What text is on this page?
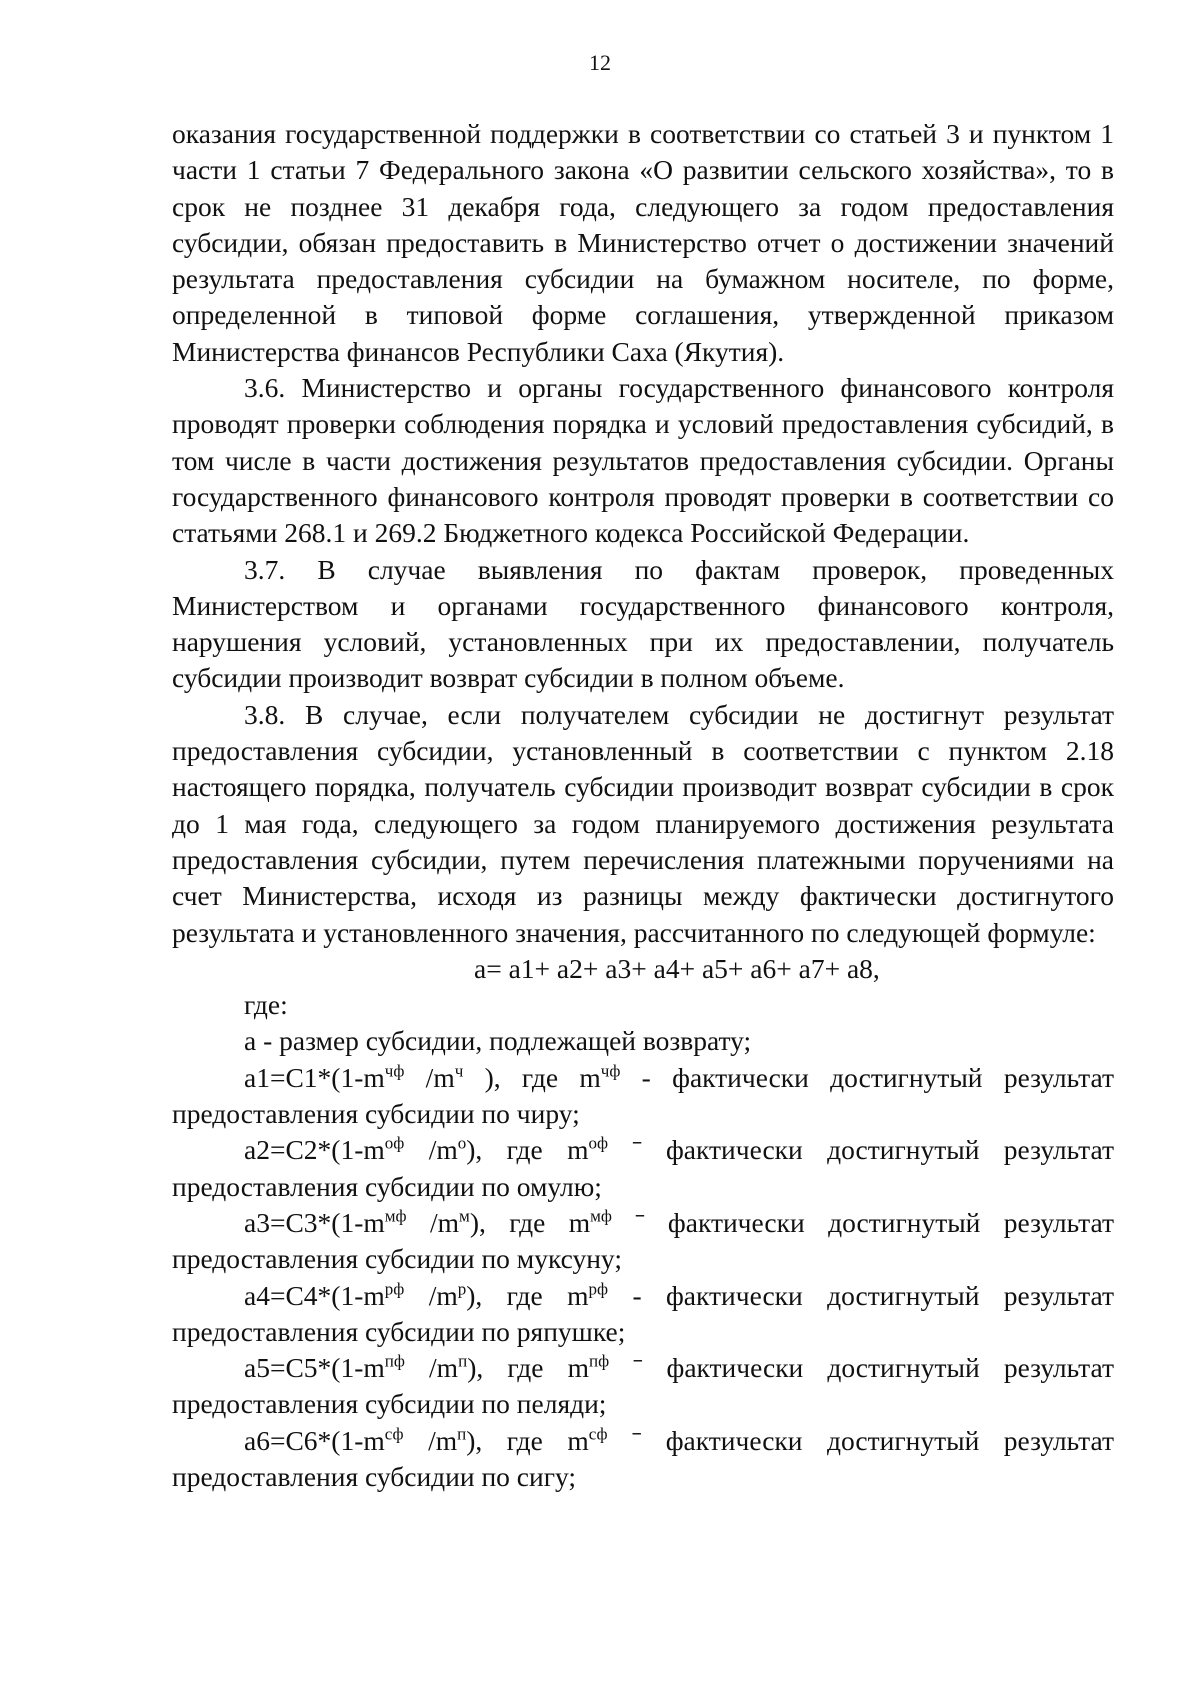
12

оказания государственной поддержки в соответствии со статьей 3 и пунктом 1 части 1 статьи 7 Федерального закона «О развитии сельского хозяйства», то в срок не позднее 31 декабря года, следующего за годом предоставления субсидии, обязан предоставить в Министерство отчет о достижении значений результата предоставления субсидии на бумажном носителе, по форме, определенной в типовой форме соглашения, утвержденной приказом Министерства финансов Республики Саха (Якутия).

3.6. Министерство и органы государственного финансового контроля проводят проверки соблюдения порядка и условий предоставления субсидий, в том числе в части достижения результатов предоставления субсидии. Органы государственного финансового контроля проводят проверки в соответствии со статьями 268.1 и 269.2 Бюджетного кодекса Российской Федерации.

3.7. В случае выявления по фактам проверок, проведенных Министерством и органами государственного финансового контроля, нарушения условий, установленных при их предоставлении, получатель субсидии производит возврат субсидии в полном объеме.

3.8. В случае, если получателем субсидии не достигнут результат предоставления субсидии, установленный в соответствии с пунктом 2.18 настоящего порядка, получатель субсидии производит возврат субсидии в срок до 1 мая года, следующего за годом планируемого достижения результата предоставления субсидии, путем перечисления платежными поручениями на счет Министерства, исходя из разницы между фактически достигнутого результата и установленного значения, рассчитанного по следующей формуле:

a= a1+ a2+ a3+ a4+ a5+ a6+ a7+ a8,

где:

а - размер субсидии, подлежащей возврату;

$a1=C1*(1-m^{чф}$ $/m^ч$ ), где $m^{чф}$ - фактически достигнутый результат предоставления субсидии по чиру;

$a2=C2*(1-m^{оф}$ $/m^о$), где $m^{оф}$ ˉ фактически достигнутый результат предоставления субсидии по омулю;

$a3=C3*(1-m^{мф}$ $/m^м$), где $m^{мф}$ ˉ фактически достигнутый результат предоставления субсидии по муксуну;

$a4=C4*(1-m^{рф}$ $/m^р$), где $m^{рф}$ - фактически достигнутый результат предоставления субсидии по ряпушке;

$a5=C5*(1-m^{пф}$ $/m^п$), где $m^{пф}$ ˉ фактически достигнутый результат предоставления субсидии по пеляди;

$a6=C6*(1-m^{сф}$ $/m^п$), где $m^{сф}$ ˉ фактически достигнутый результат предоставления субсидии по сигу;
